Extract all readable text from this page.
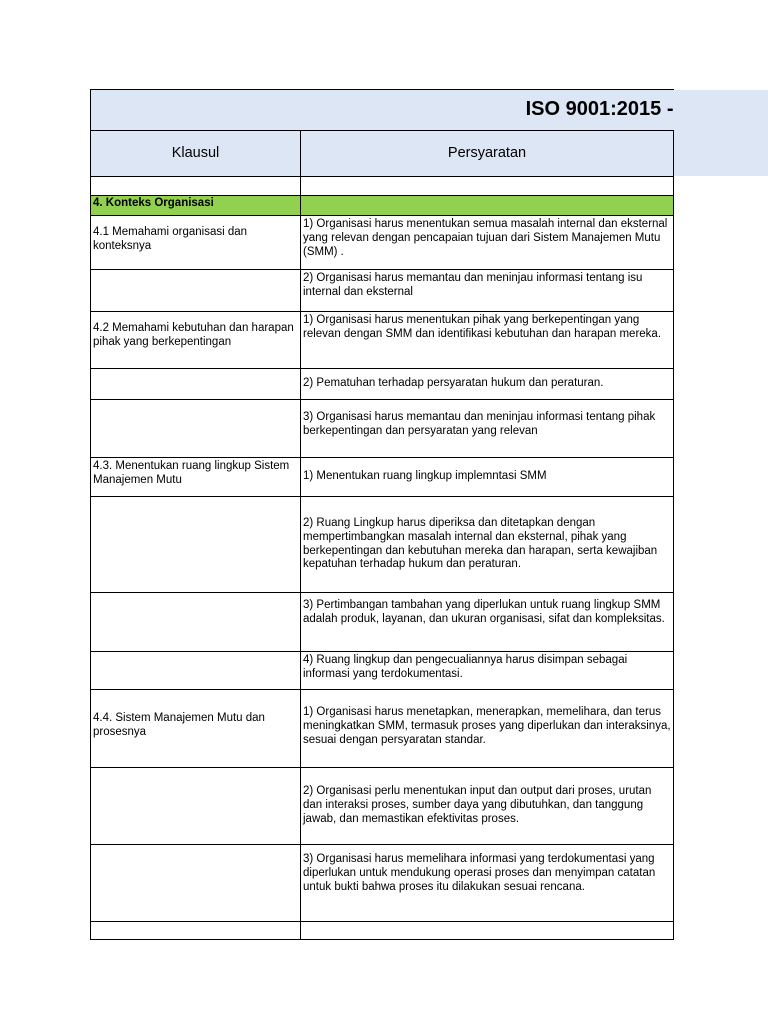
ISO 9001:2015 -	
Klausul	Persyaratan

4. Konteks Organisasi	
4.1 Memahami organisasi dan konteksnya	1) Organisasi harus menentukan semua masalah internal dan eksternal yang relevan dengan pencapaian tujuan dari Sistem Manajemen Mutu (SMM) .
	2) Organisasi harus memantau dan meninjau informasi tentang isu internal dan eksternal
4.2 Memahami kebutuhan dan harapan pihak yang berkepentingan	1) Organisasi harus menentukan pihak yang berkepentingan yang relevan dengan SMM dan identifikasi kebutuhan dan harapan mereka.
	2) Pematuhan terhadap persyaratan hukum dan peraturan.
	3) Organisasi harus memantau dan meninjau informasi tentang pihak berkepentingan dan persyaratan yang relevan
4.3. Menentukan ruang lingkup Sistem Manajemen Mutu	1) Menentukan ruang lingkup implemntasi SMM
	2) Ruang Lingkup harus diperiksa dan ditetapkan dengan mempertimbangkan masalah internal dan eksternal, pihak yang berkepentingan dan kebutuhan mereka dan harapan, serta kewajiban kepatuhan terhadap hukum dan peraturan.
	3) Pertimbangan tambahan yang diperlukan untuk ruang lingkup SMM adalah produk, layanan, dan ukuran organisasi, sifat dan kompleksitas.
	4) Ruang lingkup dan pengecualiannya harus disimpan sebagai informasi yang terdokumentasi.
4.4. Sistem Manajemen Mutu dan prosesnya	1) Organisasi harus menetapkan, menerapkan, memelihara, dan terus meningkatkan SMM, termasuk proses yang diperlukan dan interaksinya, sesuai dengan persyaratan standar.
	2) Organisasi perlu menentukan input dan output dari proses, urutan dan interaksi proses, sumber daya yang dibutuhkan, dan tanggung jawab, dan memastikan efektivitas proses.
	3) Organisasi harus memelihara informasi yang terdokumentasi yang diperlukan untuk mendukung operasi proses dan menyimpan catatan untuk bukti bahwa proses itu dilakukan sesuai rencana.
